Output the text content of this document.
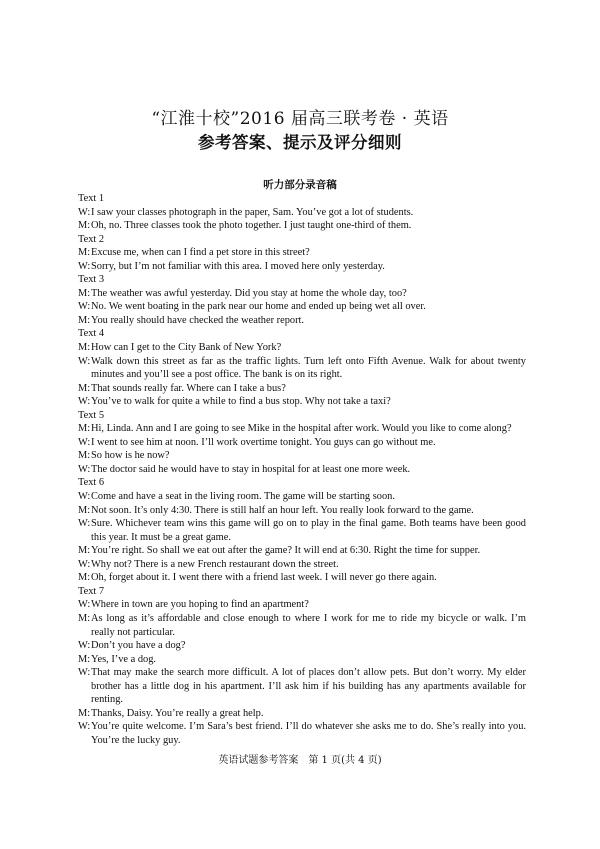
“江淮十校”2016 届高三联考卷 · 英语
参考答案、提示及评分细则
听力部分录音稿
Text 1
W: I saw your classes photograph in the paper, Sam. You’ve got a lot of students.
M: Oh, no. Three classes took the photo together. I just taught one-third of them.
Text 2
M: Excuse me, when can I find a pet store in this street?
W: Sorry, but I’m not familiar with this area. I moved here only yesterday.
Text 3
M: The weather was awful yesterday. Did you stay at home the whole day, too?
W: No. We went boating in the park near our home and ended up being wet all over.
M: You really should have checked the weather report.
Text 4
M: How can I get to the City Bank of New York?
W: Walk down this street as far as the traffic lights. Turn left onto Fifth Avenue. Walk for about twenty minutes and you’ll see a post office. The bank is on its right.
M: That sounds really far. Where can I take a bus?
W: You’ve to walk for quite a while to find a bus stop. Why not take a taxi?
Text 5
M: Hi, Linda. Ann and I are going to see Mike in the hospital after work. Would you like to come along?
W: I went to see him at noon. I’ll work overtime tonight. You guys can go without me.
M: So how is he now?
W: The doctor said he would have to stay in hospital for at least one more week.
Text 6
W: Come and have a seat in the living room. The game will be starting soon.
M: Not soon. It’s only 4:30. There is still half an hour left. You really look forward to the game.
W: Sure. Whichever team wins this game will go on to play in the final game. Both teams have been good this year. It must be a great game.
M: You’re right. So shall we eat out after the game? It will end at 6:30. Right the time for supper.
W: Why not? There is a new French restaurant down the street.
M: Oh, forget about it. I went there with a friend last week. I will never go there again.
Text 7
W: Where in town are you hoping to find an apartment?
M: As long as it’s affordable and close enough to where I work for me to ride my bicycle or walk. I’m really not particular.
W: Don’t you have a dog?
M: Yes, I’ve a dog.
W: That may make the search more difficult. A lot of places don’t allow pets. But don’t worry. My elder brother has a little dog in his apartment. I’ll ask him if his building has any apartments available for renting.
M: Thanks, Daisy. You’re really a great help.
W: You’re quite welcome. I’m Sara’s best friend. I’ll do whatever she asks me to do. She’s really into you. You’re the lucky guy.
英语试题参考答案　第 1 页(共 4 页)
